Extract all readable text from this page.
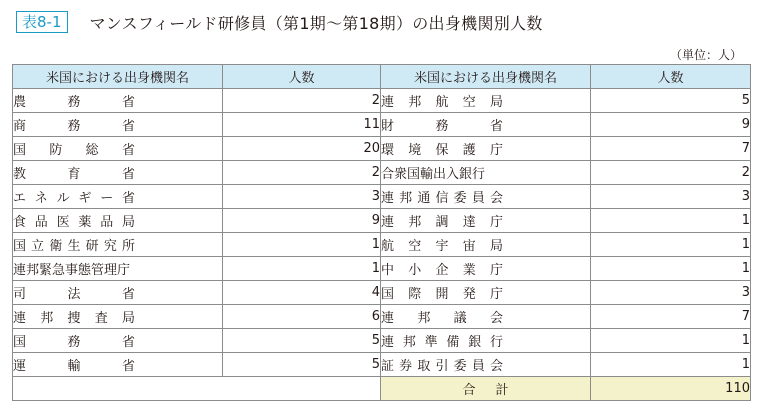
表8-1	マンスフィールド研修員（第1期～第18期）の出身機関別人数
（単位：人）
米国における出身機関名	人数	米国における出身機関名	人数
農務省	2	連邦航空局	5
商務省	11	財務省	9
国防総省	20	環境保護庁	7
教育省	2	合衆国輸出入銀行	2
エネルギー省	3	連邦通信委員会	3
食品医薬品局	9	連邦調達庁	1
国立衛生研究所	1	航空宇宙局	1
連邦緊急事態管理庁	1	中小企業庁	1
司法省	4	国際開発庁	3
連邦捜査局	6	連邦議会	7
国務省	5	連邦準備銀行	1
運輸省	5	証券取引委員会	1
		合計	110
